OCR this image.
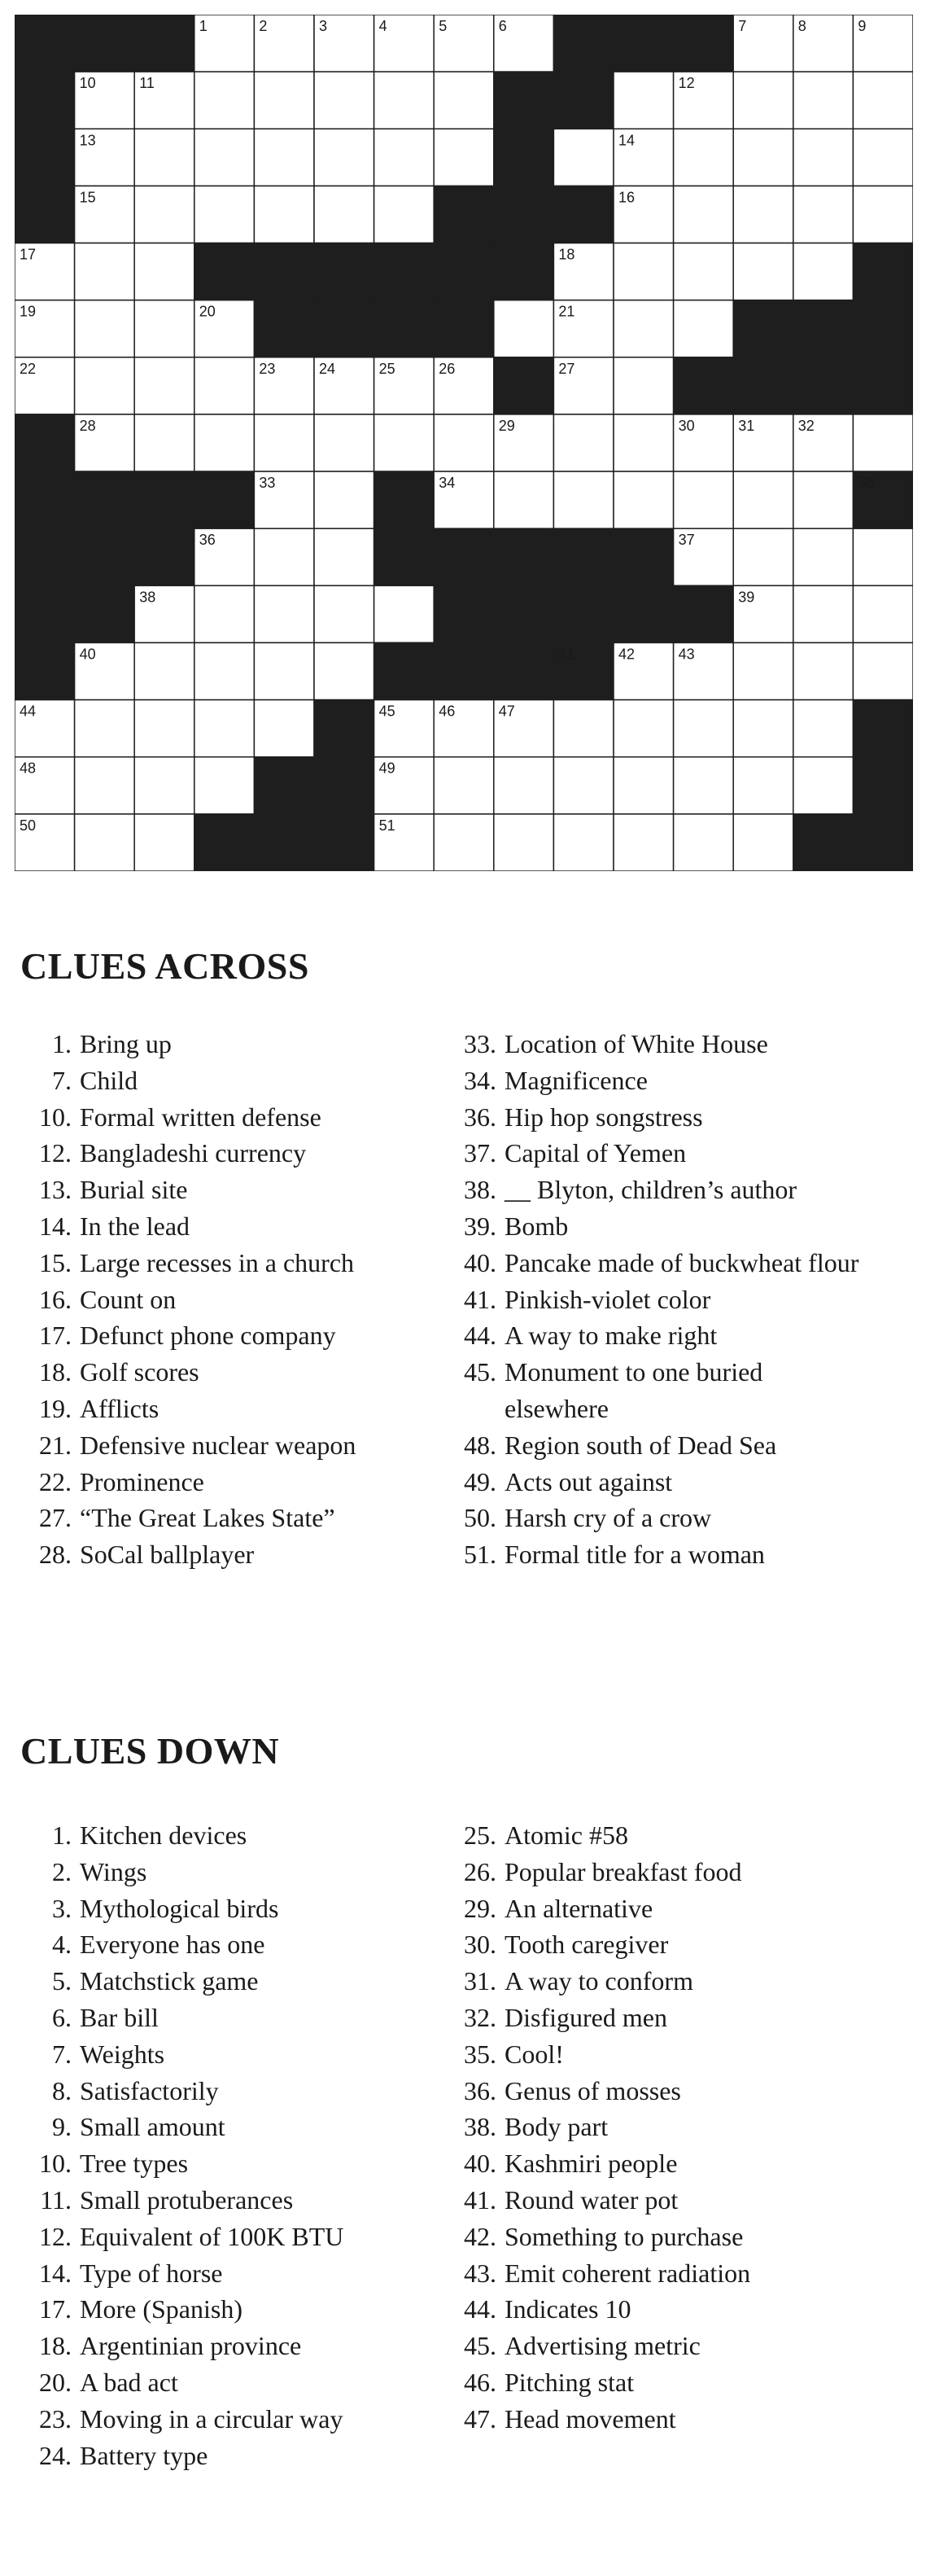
1	2	3	4	5	6	7	8	9
10	11	12
13	14
15	16
17	18
19	20	21
22	23	24	25	26	27
28	29	30	31	32
33	34	35
36	37
38	39
40	41	42	43
44	45	46	47
48	49
50	51
CLUES ACROSS
1. Bring up
7. Child
10. Formal written defense
12. Bangladeshi currency
13. Burial site
14. In the lead
15. Large recesses in a church
16. Count on
17. Defunct phone company
18. Golf scores
19. Afflicts
21. Defensive nuclear weapon
22. Prominence
27. “The Great Lakes State”
28. SoCal ballplayer
33. Location of White House
34. Magnificence
36. Hip hop songstress
37. Capital of Yemen
38. __ Blyton, children’s author
39. Bomb
40. Pancake made of buckwheat flour
41. Pinkish-violet color
44. A way to make right
45. Monument to one buried
elsewhere
48. Region south of Dead Sea
49. Acts out against
50. Harsh cry of a crow
51. Formal title for a woman
CLUES DOWN
1. Kitchen devices
2. Wings
3. Mythological birds
4. Everyone has one
5. Matchstick game
6. Bar bill
7. Weights
8. Satisfactorily
9. Small amount
10. Tree types
11. Small protuberances
12. Equivalent of 100K BTU
14. Type of horse
17. More (Spanish)
18. Argentinian province
20. A bad act
23. Moving in a circular way
24. Battery type
25. Atomic #58
26. Popular breakfast food
29. An alternative
30. Tooth caregiver
31. A way to conform
32. Disfigured men
35. Cool!
36. Genus of mosses
38. Body part
40. Kashmiri people
41. Round water pot
42. Something to purchase
43. Emit coherent radiation
44. Indicates 10
45. Advertising metric
46. Pitching stat
47. Head movement
